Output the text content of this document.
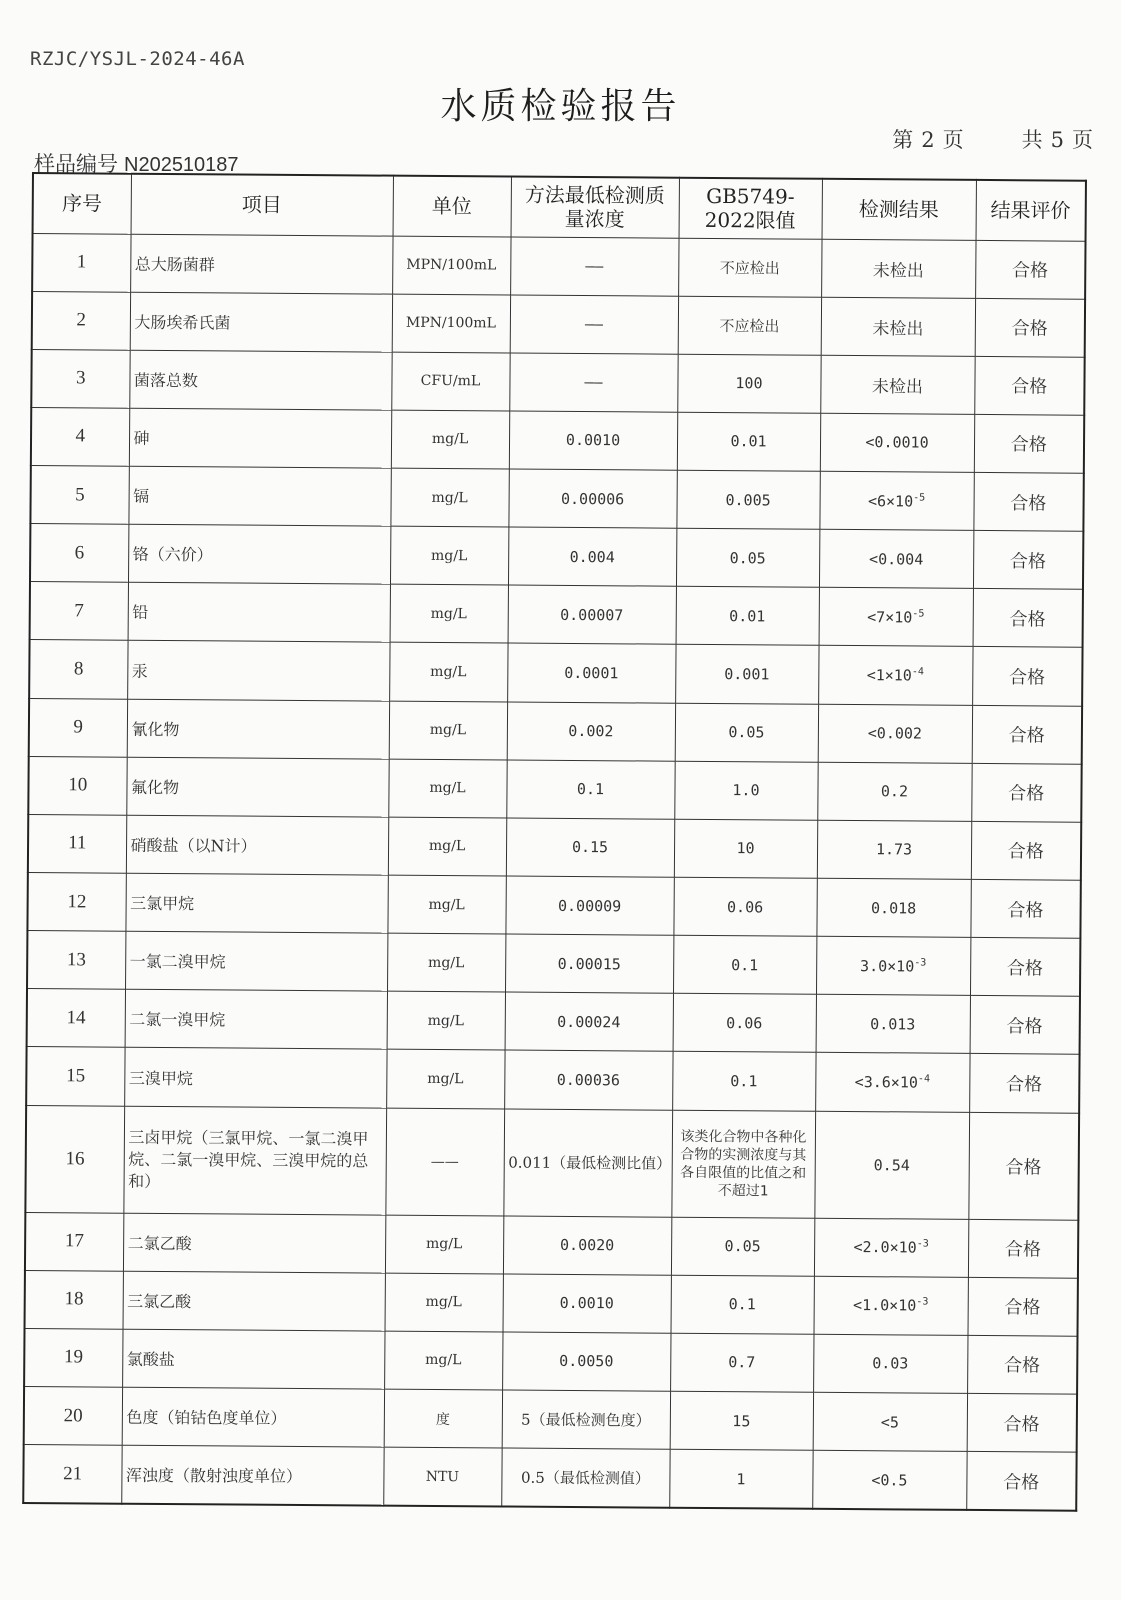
RZJC/YSJL-2024-46A
水质检验报告
第 2 页	共 5 页
样品编号 N202510187
序号	项目	单位	方法最低检测质量浓度	GB5749-2022限值	检测结果	结果评价
1	总大肠菌群	MPN/100mL	——	不应检出	未检出	合格
2	大肠埃希氏菌	MPN/100mL	——	不应检出	未检出	合格
3	菌落总数	CFU/mL	——	100	未检出	合格
4	砷	mg/L	0.0010	0.01	<0.0010	合格
5	镉	mg/L	0.00006	0.005	$<6\times 10^{-5}$	合格
6	铬（六价）	mg/L	0.004	0.05	<0.004	合格
7	铅	mg/L	0.00007	0.01	$<7\times 10^{-5}$	合格
8	汞	mg/L	0.0001	0.001	$<1\times 10^{-4}$	合格
9	氰化物	mg/L	0.002	0.05	<0.002	合格
10	氟化物	mg/L	0.1	1.0	0.2	合格
11	硝酸盐（以N计）	mg/L	0.15	10	1.73	合格
12	三氯甲烷	mg/L	0.00009	0.06	0.018	合格
13	一氯二溴甲烷	mg/L	0.00015	0.1	$3.0\times 10^{-3}$	合格
14	二氯一溴甲烷	mg/L	0.00024	0.06	0.013	合格
15	三溴甲烷	mg/L	0.00036	0.1	$<3.6\times 10^{-4}$	合格
16	三卤甲烷（三氯甲烷、一氯二溴甲烷、二氯一溴甲烷、三溴甲烷的总和）	——	0.011（最低检测比值）	该类化合物中各种化合物的实测浓度与其各自限值的比值之和不超过1	0.54	合格
17	二氯乙酸	mg/L	0.0020	0.05	$<2.0\times 10^{-3}$	合格
18	三氯乙酸	mg/L	0.0010	0.1	$<1.0\times 10^{-3}$	合格
19	氯酸盐	mg/L	0.0050	0.7	0.03	合格
20	色度（铂钴色度单位）	度	5（最低检测色度）	15	<5	合格
21	浑浊度（散射浊度单位）	NTU	0.5（最低检测值）	1	<0.5	合格
